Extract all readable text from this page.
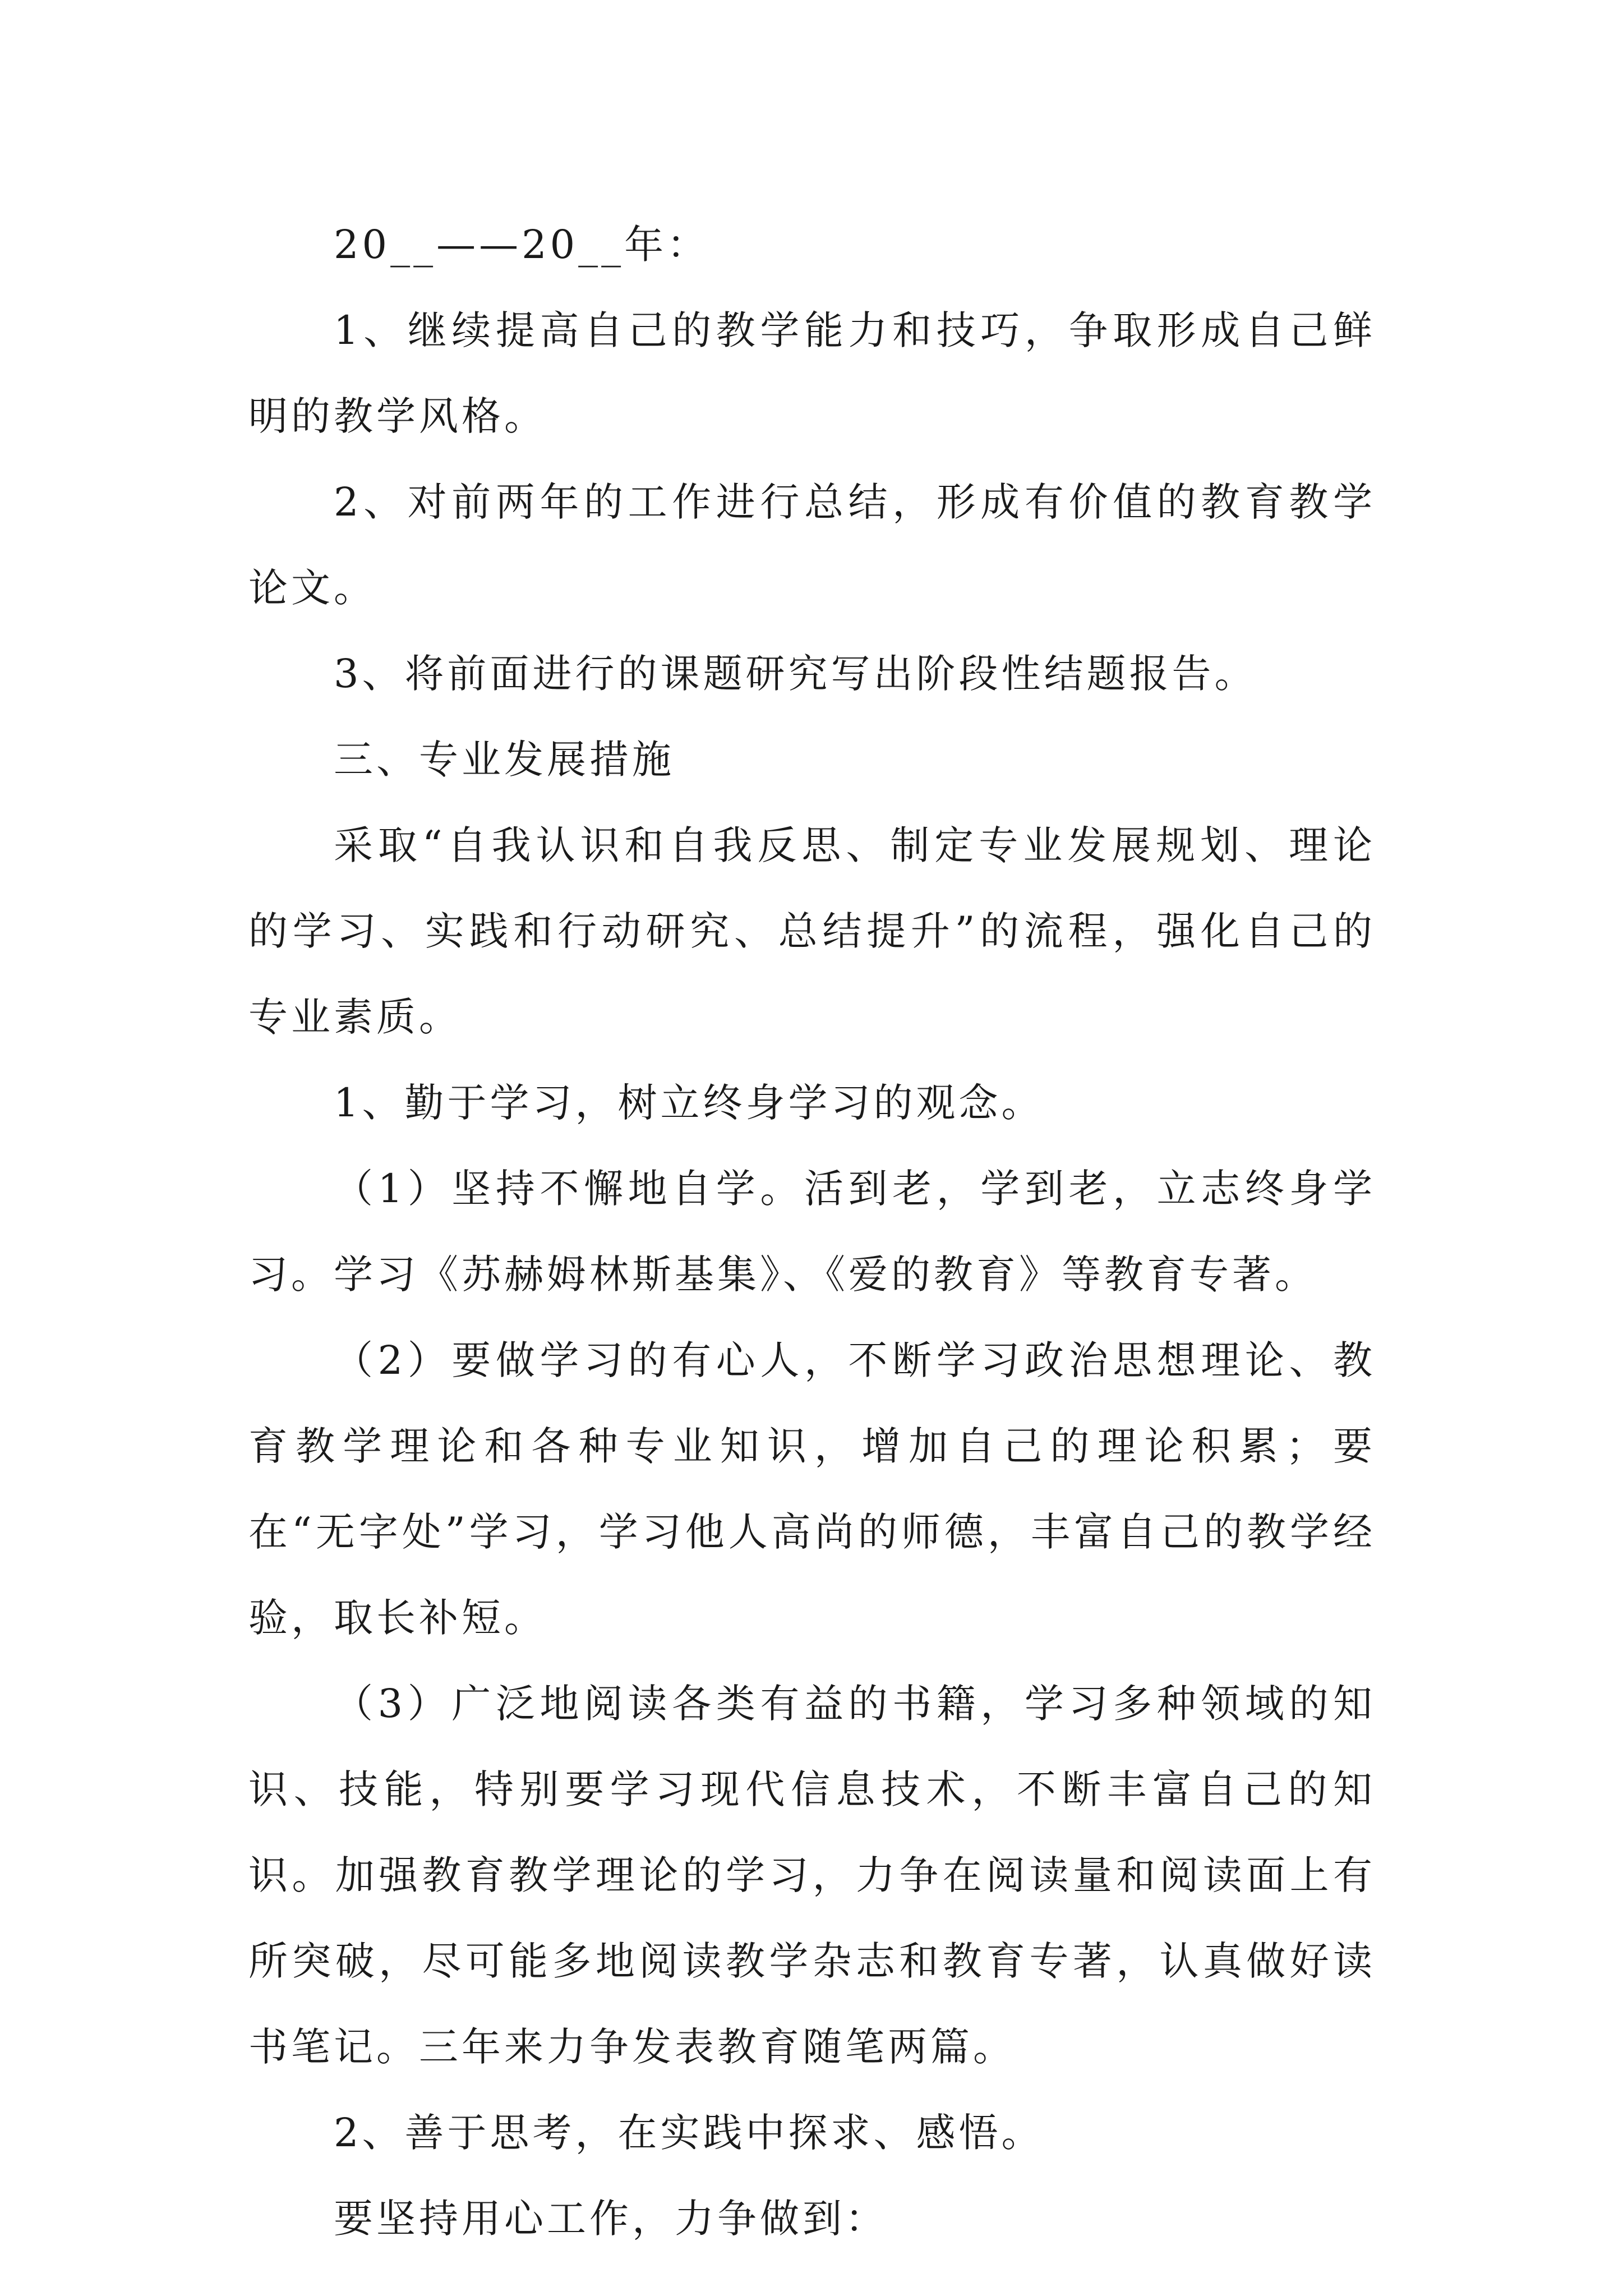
20__——20__年：

1、继续提高自己的教学能力和技巧，争取形成自己鲜明的教学风格。

2、对前两年的工作进行总结，形成有价值的教育教学论文。

3、将前面进行的课题研究写出阶段性结题报告。

三、专业发展措施

采取“自我认识和自我反思、制定专业发展规划、理论的学习、实践和行动研究、总结提升”的流程，强化自己的专业素质。

1、勤于学习，树立终身学习的观念。

（1）坚持不懈地自学。活到老，学到老，立志终身学习。学习《苏赫姆林斯基集》、《爱的教育》等教育专著。

（2）要做学习的有心人，不断学习政治思想理论、教育教学理论和各种专业知识，增加自己的理论积累；要在“无字处”学习，学习他人高尚的师德，丰富自己的教学经验，取长补短。

（3）广泛地阅读各类有益的书籍，学习多种领域的知识、技能，特别要学习现代信息技术，不断丰富自己的知识。加强教育教学理论的学习，力争在阅读量和阅读面上有所突破，尽可能多地阅读教学杂志和教育专著，认真做好读书笔记。三年来力争发表教育随笔两篇。

2、善于思考，在实践中探求、感悟。

要坚持用心工作，力争做到：
